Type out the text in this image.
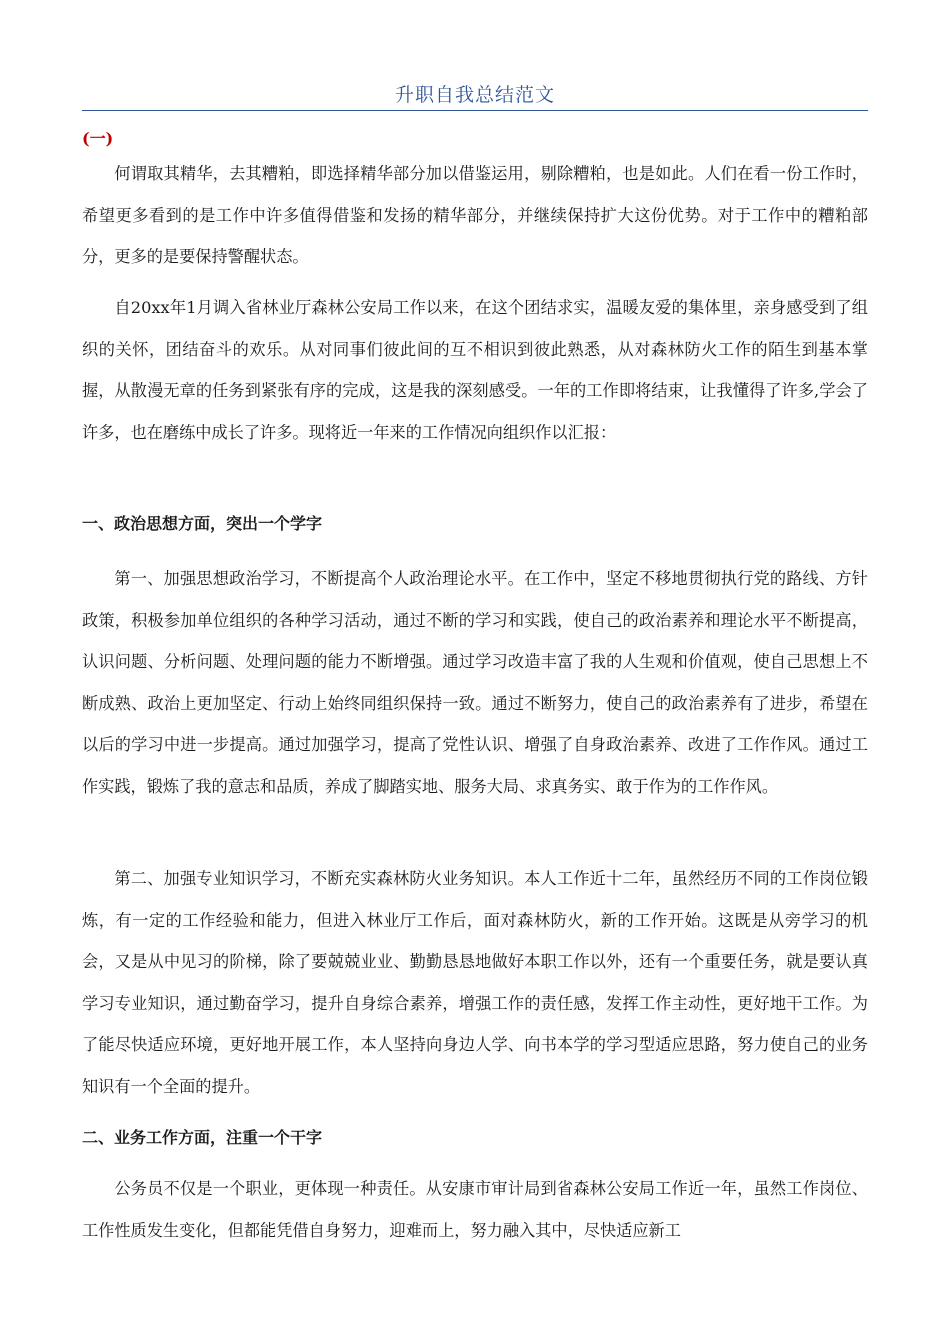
升职自我总结范文
(一)

何谓取其精华，去其糟粕，即选择精华部分加以借鉴运用，剔除糟粕，也是如此。人们在看一份工作时，希望更多看到的是工作中许多值得借鉴和发扬的精华部分，并继续保持扩大这份优势。对于工作中的糟粕部分，更多的是要保持警醒状态。

自20xx年1月调入省林业厅森林公安局工作以来，在这个团结求实，温暖友爱的集体里，亲身感受到了组织的关怀，团结奋斗的欢乐。从对同事们彼此间的互不相识到彼此熟悉，从对森林防火工作的陌生到基本掌握，从散漫无章的任务到紧张有序的完成，这是我的深刻感受。一年的工作即将结束，让我懂得了许多,学会了许多，也在磨练中成长了许多。现将近一年来的工作情况向组织作以汇报：

一、政治思想方面，突出一个学字

第一、加强思想政治学习，不断提高个人政治理论水平。在工作中，坚定不移地贯彻执行党的路线、方针政策，积极参加单位组织的各种学习活动，通过不断的学习和实践，使自己的政治素养和理论水平不断提高，认识问题、分析问题、处理问题的能力不断增强。通过学习改造丰富了我的人生观和价值观，使自己思想上不断成熟、政治上更加坚定、行动上始终同组织保持一致。通过不断努力，使自己的政治素养有了进步，希望在以后的学习中进一步提高。通过加强学习，提高了党性认识、增强了自身政治素养、改进了工作作风。通过工作实践，锻炼了我的意志和品质，养成了脚踏实地、服务大局、求真务实、敢于作为的工作作风。

第二、加强专业知识学习，不断充实森林防火业务知识。本人工作近十二年，虽然经历不同的工作岗位锻炼，有一定的工作经验和能力，但进入林业厅工作后，面对森林防火，新的工作开始。这既是从旁学习的机会，又是从中见习的阶梯，除了要兢兢业业、勤勤恳恳地做好本职工作以外，还有一个重要任务，就是要认真学习专业知识，通过勤奋学习，提升自身综合素养，增强工作的责任感，发挥工作主动性，更好地干工作。为了能尽快适应环境，更好地开展工作，本人坚持向身边人学、向书本学的学习型适应思路，努力使自己的业务知识有一个全面的提升。

二、业务工作方面，注重一个干字

公务员不仅是一个职业，更体现一种责任。从安康市审计局到省森林公安局工作近一年，虽然工作岗位、工作性质发生变化，但都能凭借自身努力，迎难而上，努力融入其中，尽快适应新工
